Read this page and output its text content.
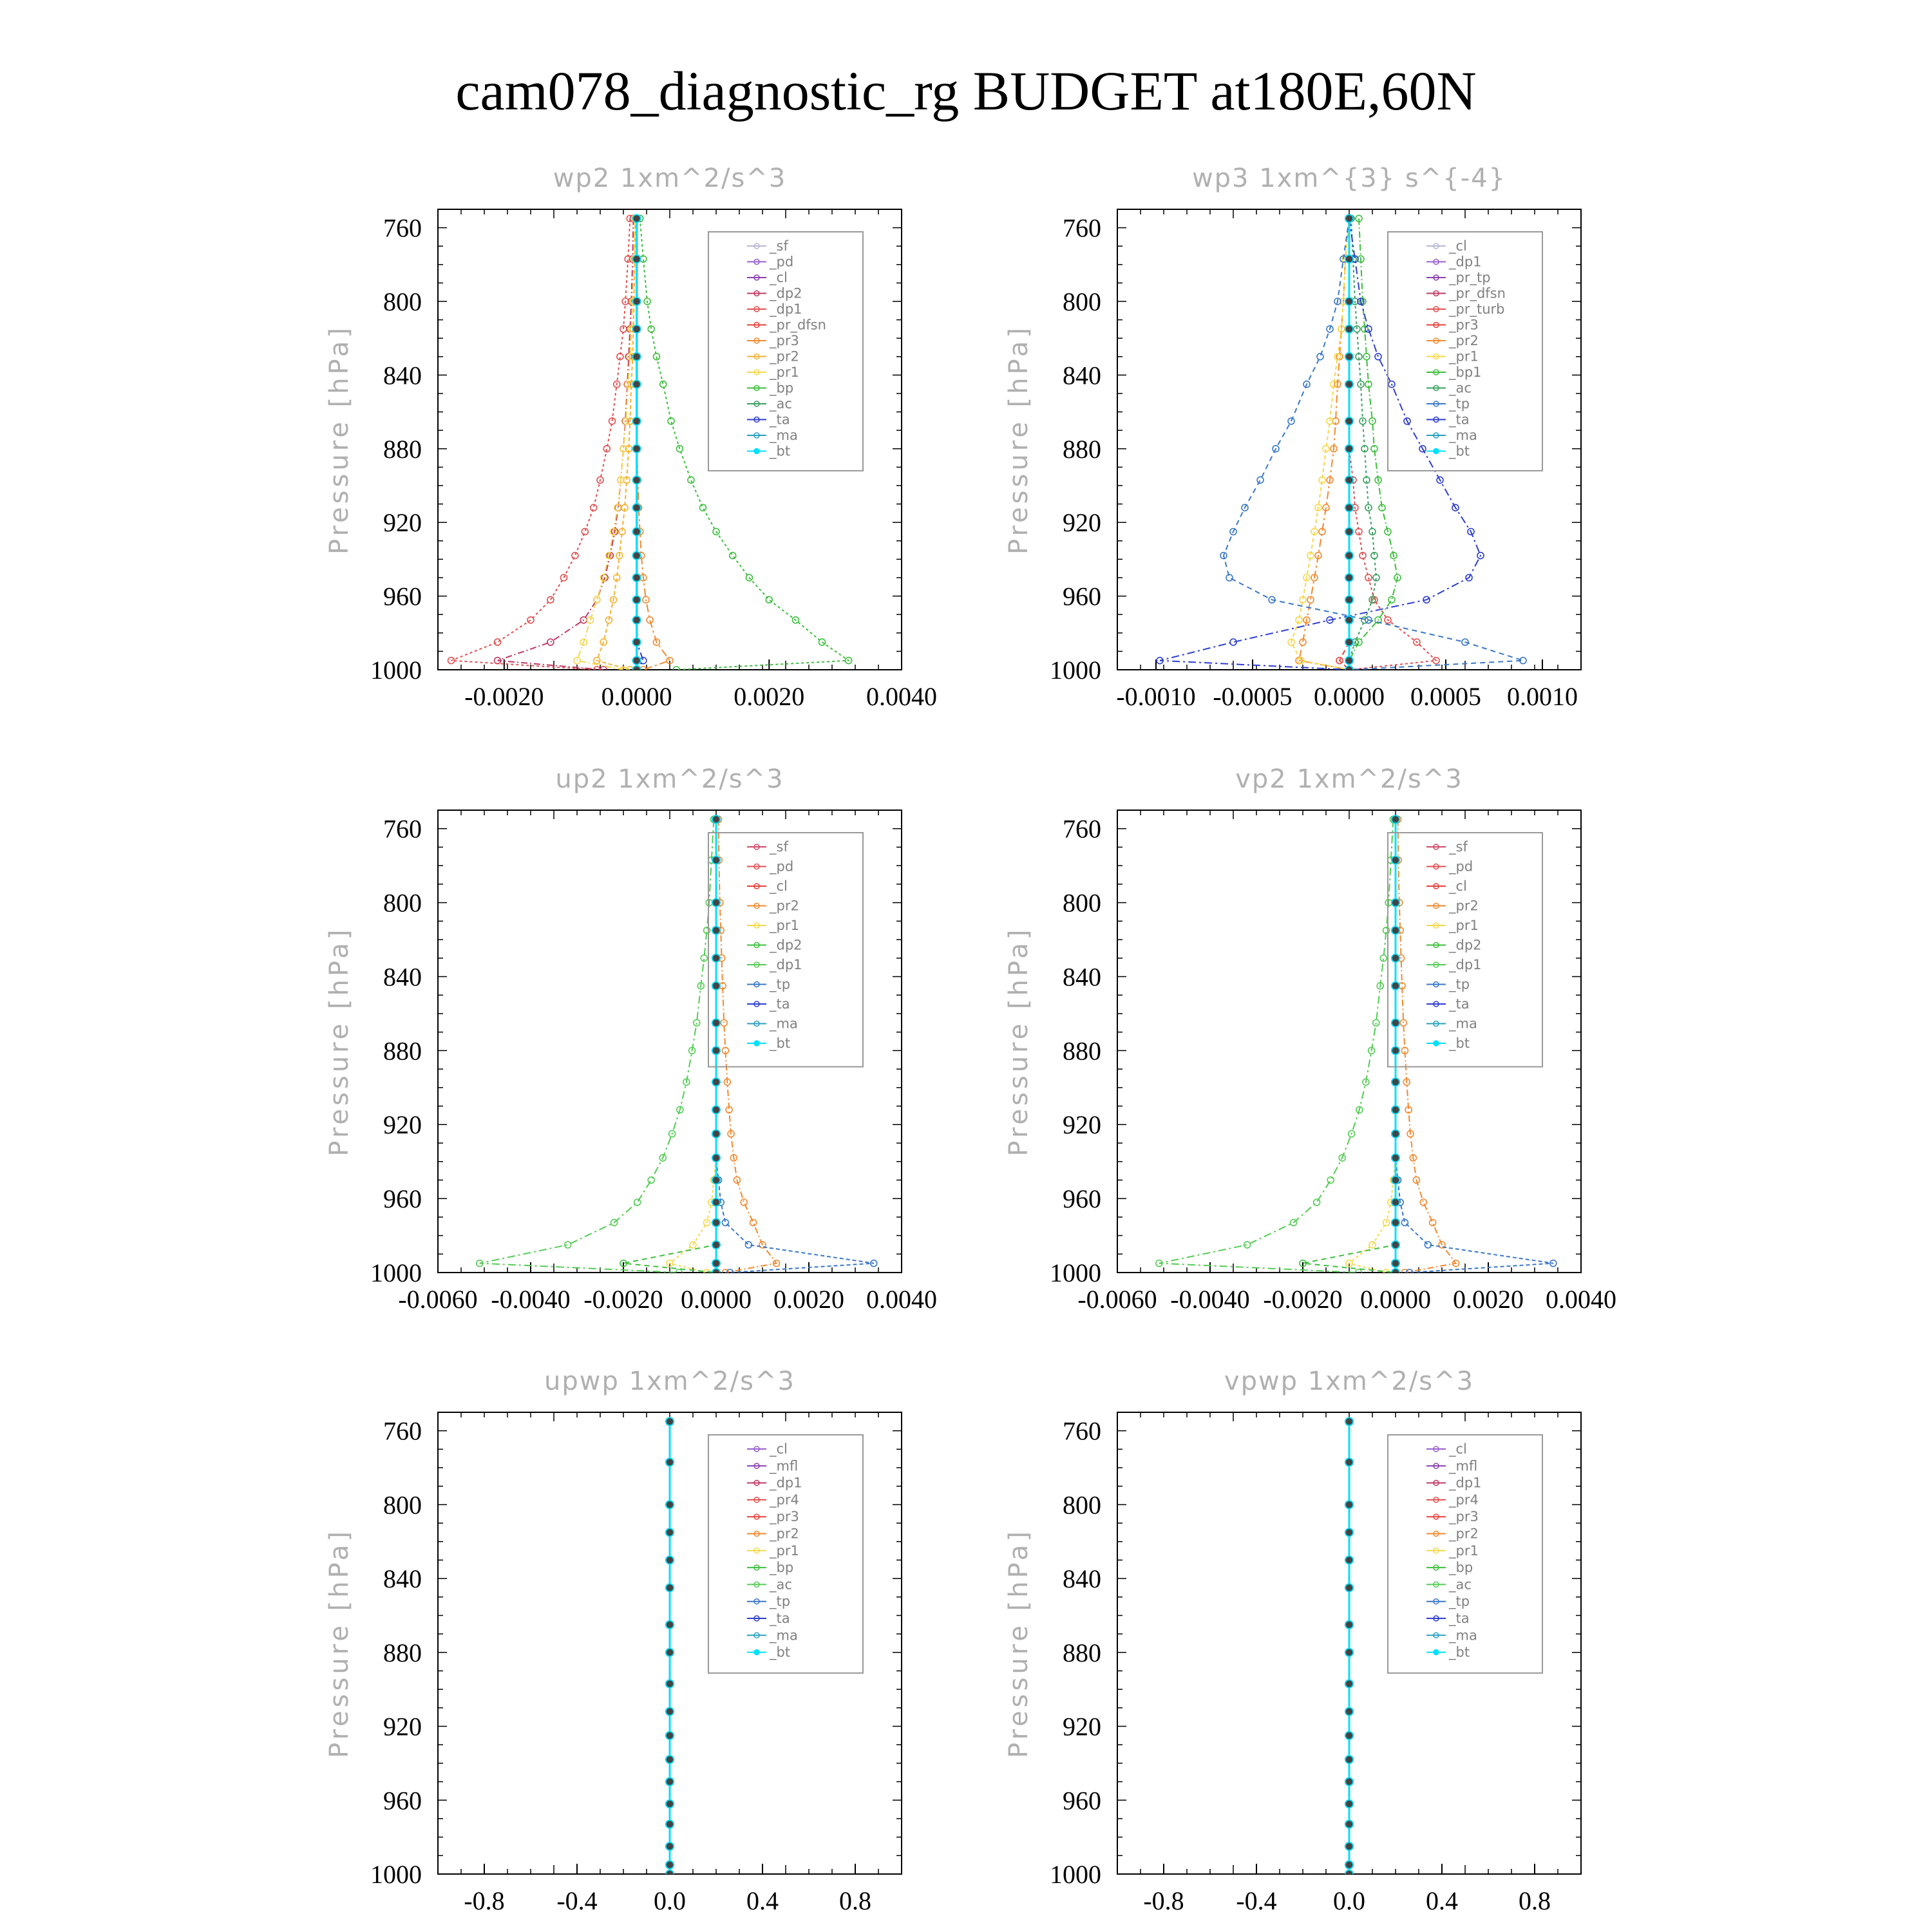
cam078_diagnostic_rg BUDGET at180E,60N
wp2 1xm^2/s^3
Pressure [hPa]
760
800
840
880
920
960
1000
-0.0020 0.0000 0.0020 0.0040
_sf
_pd
_cl
_dp2
_dp1
_pr_dfsn
_pr3
_pr2
_pr1
_bp
_ac
_ta
_ma
_bt
wp3 1xm^{3} s^{-4}
Pressure [hPa]
760
800
840
880
920
960
1000
-0.0010 -0.0005 0.0000 0.0005 0.0010
_cl
_dp1
_pr_tp
_pr_dfsn
_pr_turb
_pr3
_pr2
_pr1
_bp1
_ac
_tp
_ta
_ma
_bt
up2 1xm^2/s^3
Pressure [hPa]
760
800
840
880
920
960
1000
-0.0060 -0.0040 -0.0020 0.0000 0.0020 0.0040
_sf
_pd
_cl
_pr2
_pr1
_dp2
_dp1
_tp
_ta
_ma
_bt
vp2 1xm^2/s^3
Pressure [hPa]
760
800
840
880
920
960
1000
-0.0060 -0.0040 -0.0020 0.0000 0.0020 0.0040
_sf
_pd
_cl
_pr2
_pr1
_dp2
_dp1
_tp
_ta
_ma
_bt
upwp 1xm^2/s^3
Pressure [hPa]
760
800
840
880
920
960
1000
-0.8 -0.4 0.0 0.4 0.8
_cl
_mfl
_dp1
_pr4
_pr3
_pr2
_pr1
_bp
_ac
_tp
_ta
_ma
_bt
vpwp 1xm^2/s^3
Pressure [hPa]
760
800
840
880
920
960
1000
-0.8 -0.4 0.0 0.4 0.8
_cl
_mfl
_dp1
_pr4
_pr3
_pr2
_pr1
_bp
_ac
_tp
_ta
_ma
_bt
